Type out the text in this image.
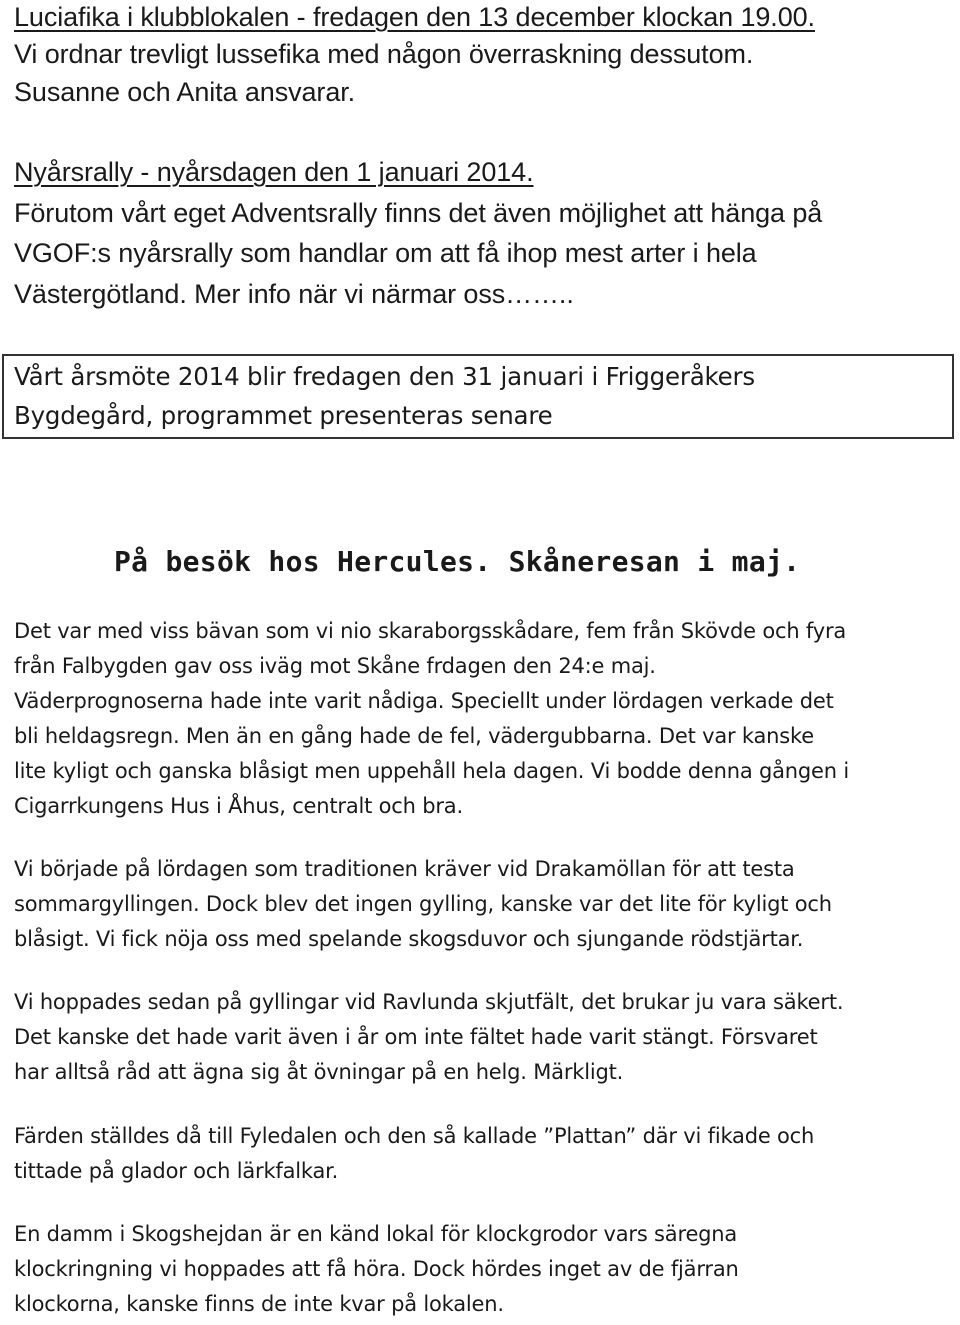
Luciafika i klubblokalen - fredagen den 13 december klockan 19.00.
Vi ordnar trevligt lussefika med någon överraskning dessutom.
Susanne och Anita ansvarar.
Nyårsrally - nyårsdagen den 1 januari 2014.
Förutom vårt eget Adventsrally finns det även möjlighet att hänga på
VGOF:s nyårsrally som handlar om att få ihop mest arter i hela
Västergötland. Mer info när vi närmar oss……..
Vårt årsmöte 2014 blir fredagen den 31 januari i Friggeråkers
Bygdegård, programmet presenteras senare
På besök hos Hercules. Skåneresan i maj.
Det var med viss bävan som vi nio skaraborgsskådare, fem från Skövde och fyra
från Falbygden gav oss iväg mot Skåne frdagen den 24:e maj.
Väderprognoserna hade inte varit nådiga. Speciellt under lördagen verkade det
bli heldagsregn. Men än en gång hade de fel, vädergubbarna. Det var kanske
lite kyligt och ganska blåsigt men uppehåll hela dagen. Vi bodde denna gången i
Cigarrkungens Hus i Åhus, centralt och bra.
Vi började på lördagen som traditionen kräver vid Drakamöllan för att testa
sommargyllingen. Dock blev det ingen gylling, kanske var det lite för kyligt och
blåsigt. Vi fick nöja oss med spelande skogsduvor och sjungande rödstjärtar.
Vi hoppades sedan på gyllingar vid Ravlunda skjutfält, det brukar ju vara säkert.
Det kanske det hade varit även i år om inte fältet hade varit stängt. Försvaret
har alltså råd att ägna sig åt övningar på en helg. Märkligt.
Färden ställdes då till Fyledalen och den så kallade ”Plattan” där vi fikade och
tittade på glador och lärkfalkar.
En damm i Skogshejdan är en känd lokal för klockgrodor vars säregna
klockringning vi hoppades att få höra. Dock hördes inget av de fjärran
klockorna, kanske finns de inte kvar på lokalen.
